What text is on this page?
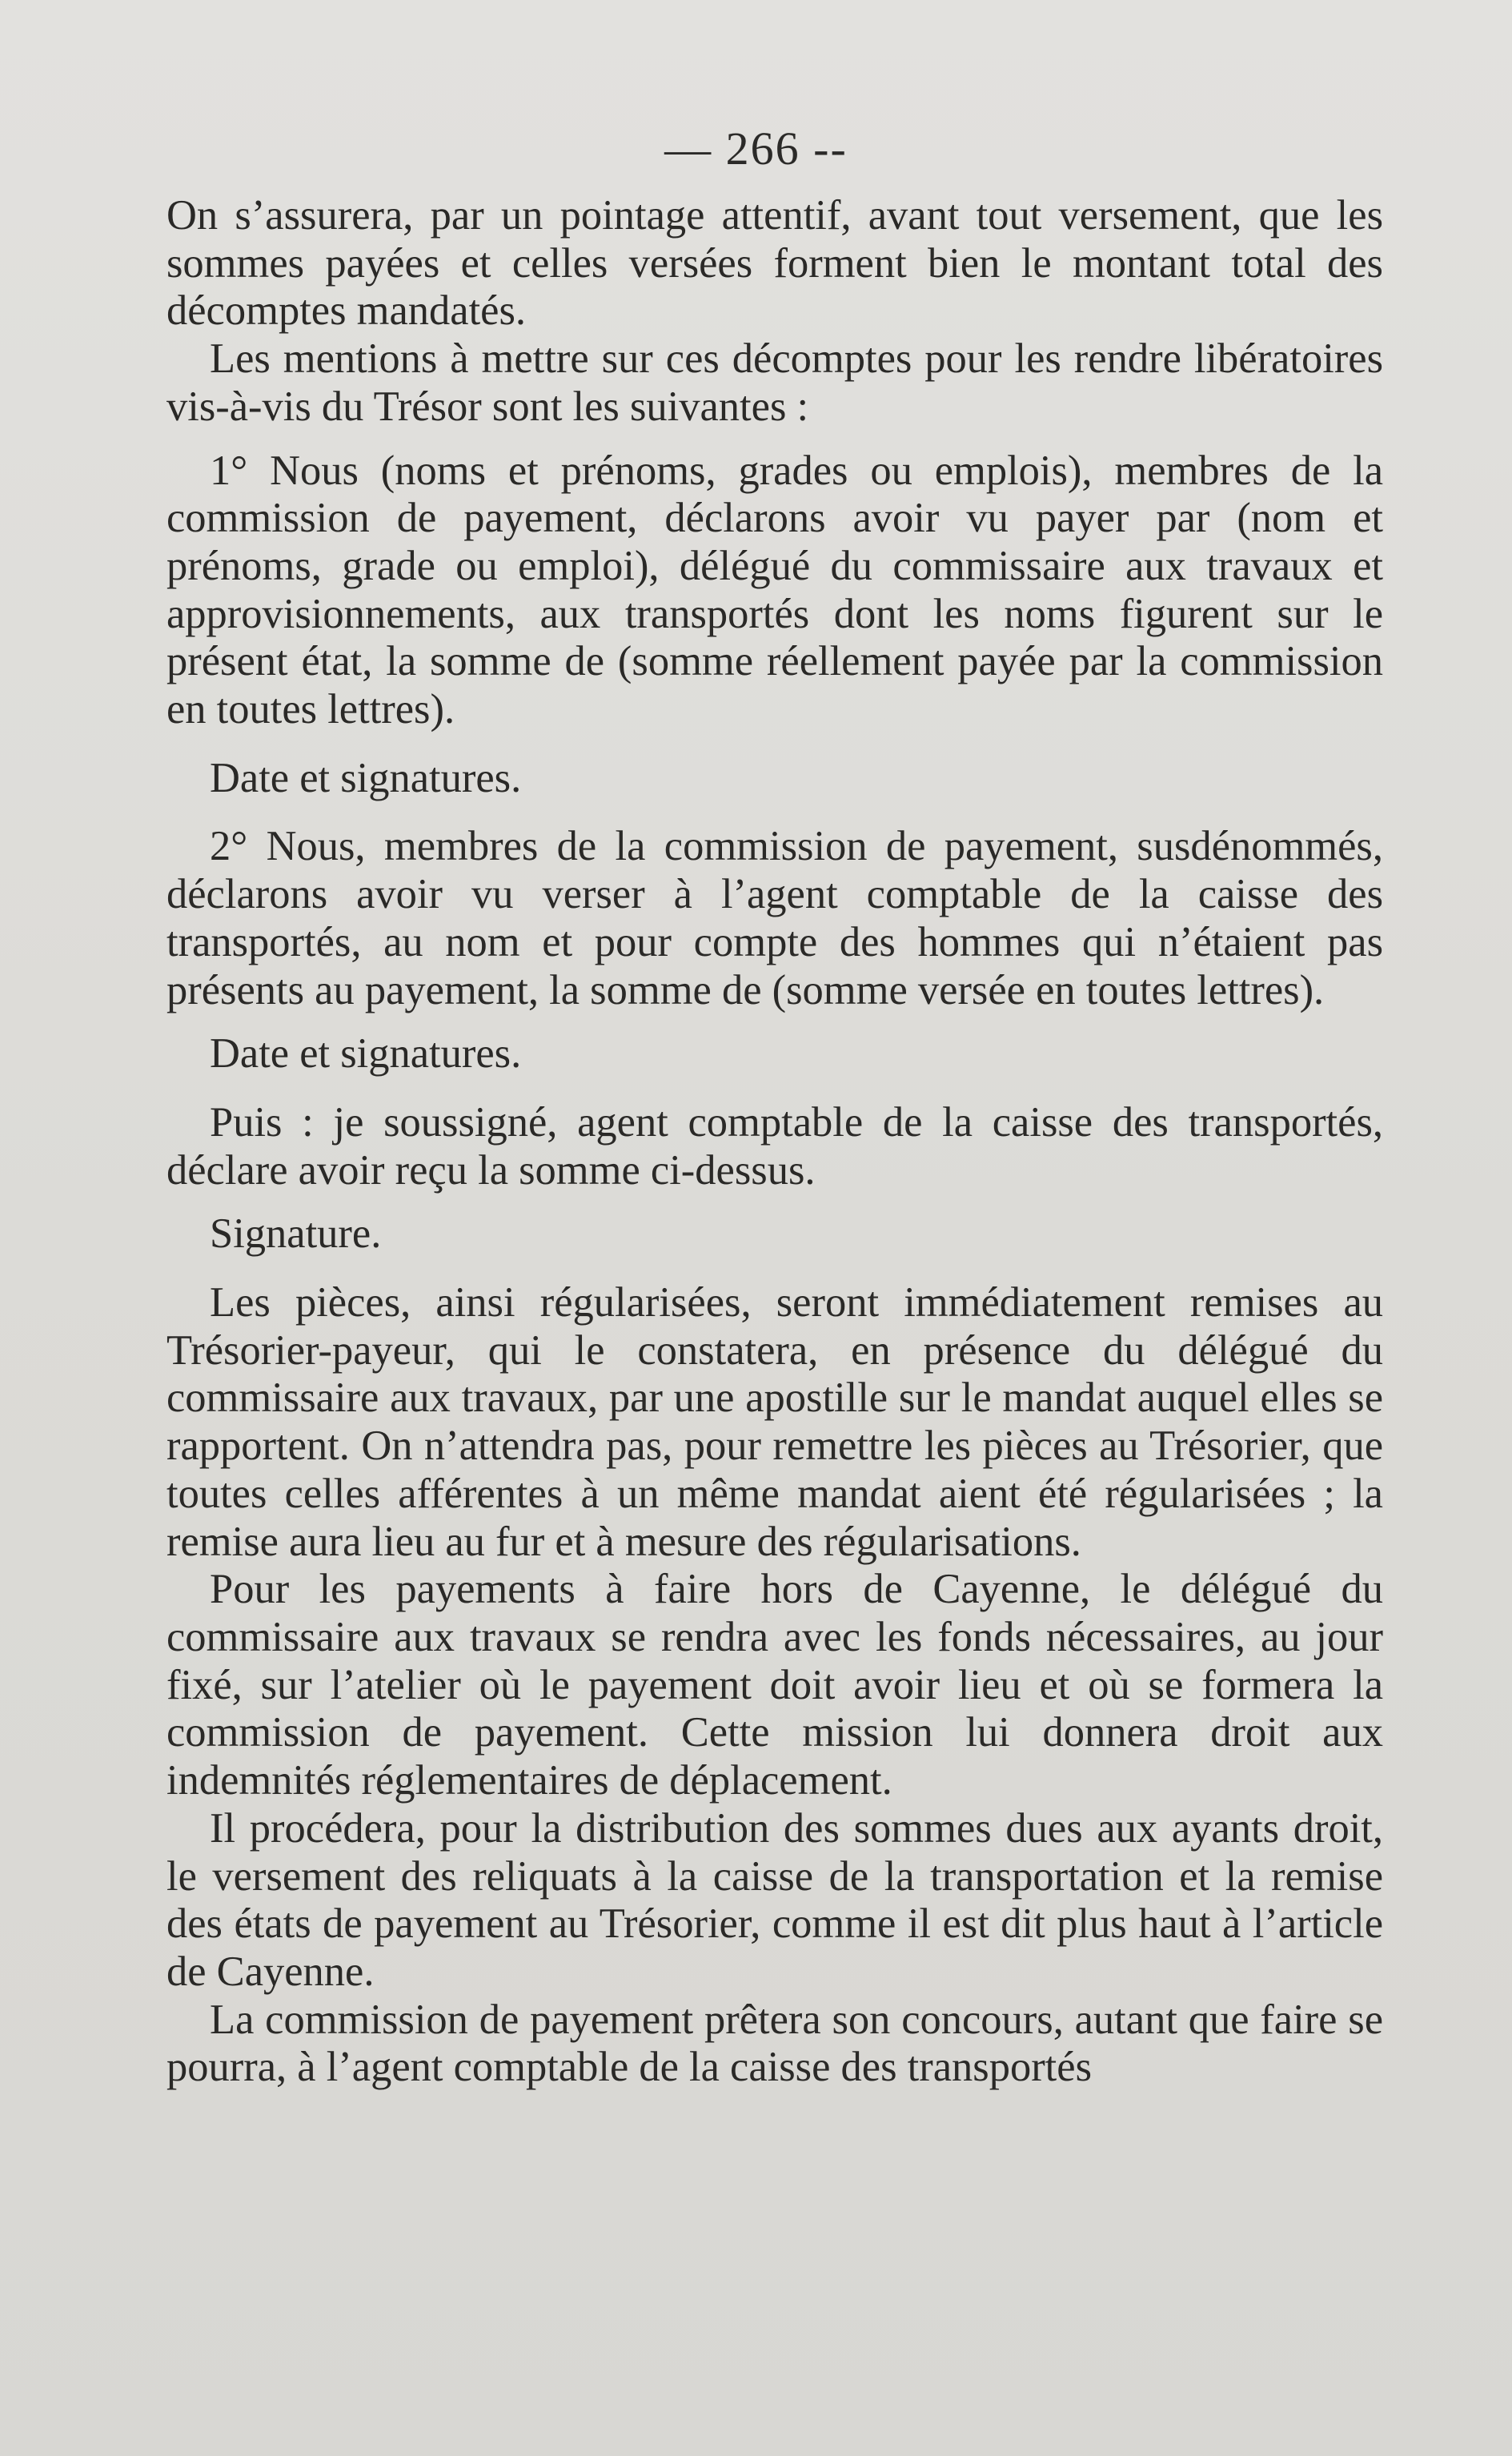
— 266 --

On s’assurera, par un pointage attentif, avant tout versement, que les sommes payées et celles versées forment bien le montant total des décomptes mandatés.

Les mentions à mettre sur ces décomptes pour les rendre libératoires vis-à-vis du Trésor sont les suivantes :

1° Nous (noms et prénoms, grades ou emplois), membres de la commission de payement, déclarons avoir vu payer par (nom et prénoms, grade ou emploi), délégué du commissaire aux travaux et approvisionnements, aux transportés dont les noms figurent sur le présent état, la somme de (somme réellement payée par la commission en toutes lettres).

Date et signatures.

2° Nous, membres de la commission de payement, susdénommés, déclarons avoir vu verser à l’agent comptable de la caisse des transportés, au nom et pour compte des hommes qui n’étaient pas présents au payement, la somme de (somme versée en toutes lettres).

Date et signatures.

Puis : je soussigné, agent comptable de la caisse des transportés, déclare avoir reçu la somme ci-dessus.

Signature.

Les pièces, ainsi régularisées, seront immédiatement remises au Trésorier-payeur, qui le constatera, en présence du délégué du commissaire aux travaux, par une apostille sur le mandat auquel elles se rapportent. On n’attendra pas, pour remettre les pièces au Trésorier, que toutes celles afférentes à un même mandat aient été régularisées ; la remise aura lieu au fur et à mesure des régularisations.

Pour les payements à faire hors de Cayenne, le délégué du commissaire aux travaux se rendra avec les fonds nécessaires, au jour fixé, sur l’atelier où le payement doit avoir lieu et où se formera la commission de payement. Cette mission lui donnera droit aux indemnités réglementaires de déplacement.

Il procédera, pour la distribution des sommes dues aux ayants droit, le versement des reliquats à la caisse de la transportation et la remise des états de payement au Trésorier, comme il est dit plus haut à l’article de Cayenne.

La commission de payement prêtera son concours, autant que faire se pourra, à l’agent comptable de la caisse des transportés
